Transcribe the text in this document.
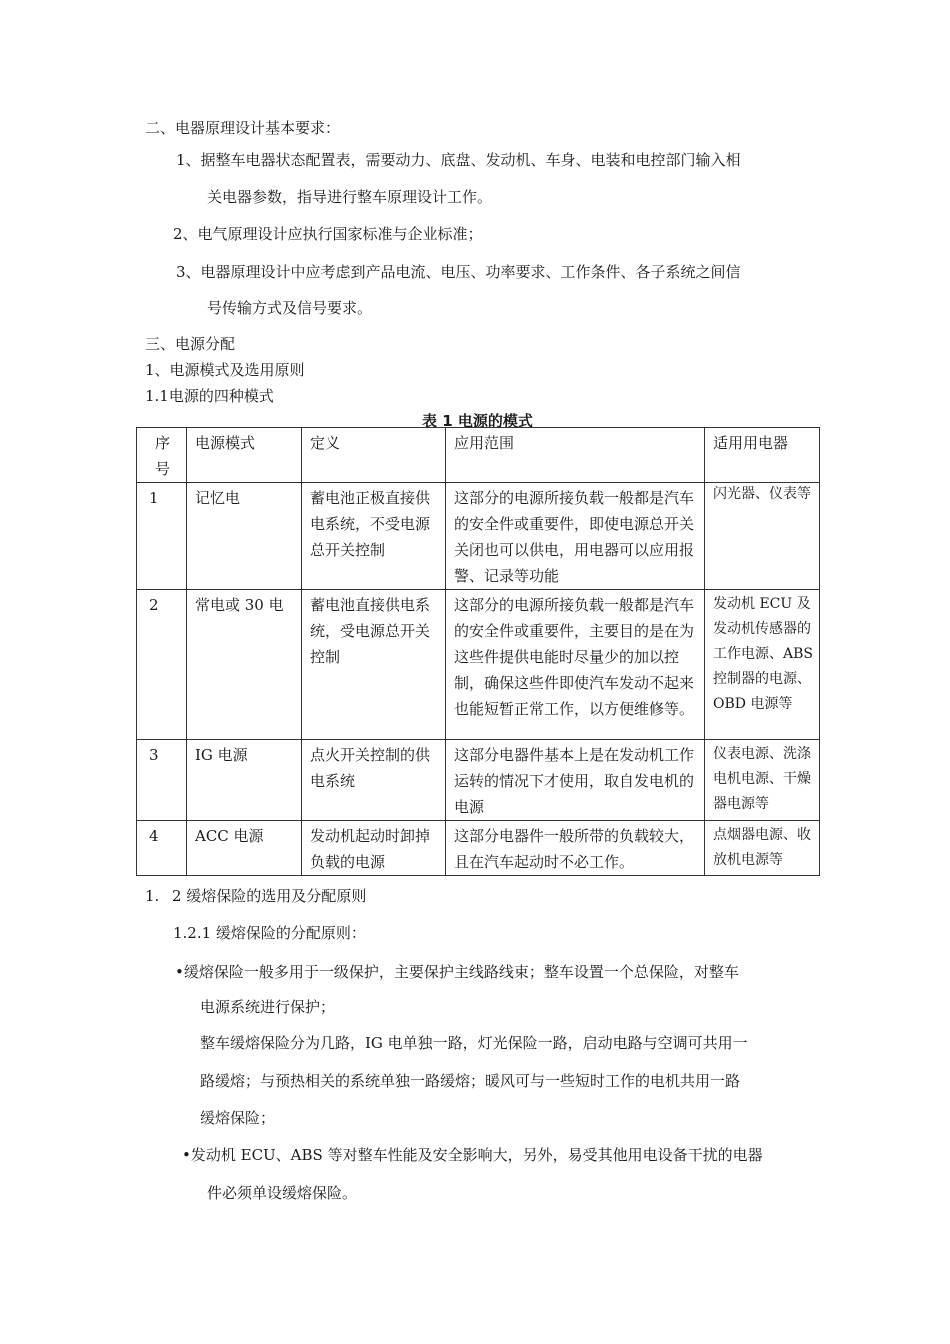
二、电器原理设计基本要求：
1、据整车电器状态配置表，需要动力、底盘、发动机、车身、电装和电控部门输入相
关电器参数，指导进行整车原理设计工作。
2、电气原理设计应执行国家标准与企业标准；
3、电器原理设计中应考虑到产品电流、电压、功率要求、工作条件、各子系统之间信
号传输方式及信号要求。
三、电源分配
1、电源模式及选用原则
1.1电源的四种模式
表 1 电源的模式
序号	电源模式	定义	应用范围	适用用电器
1	记忆电	蓄电池正极直接供电系统，不受电源总开关控制	这部分的电源所接负载一般都是汽车的安全件或重要件，即使电源总开关关闭也可以供电，用电器可以应用报警、记录等功能	闪光器、仪表等
2	常电或 30 电	蓄电池直接供电系统，受电源总开关控制	这部分的电源所接负载一般都是汽车的安全件或重要件，主要目的是在为这些件提供电能时尽量少的加以控制，确保这些件即使汽车发动不起来也能短暂正常工作，以方便维修等。	发动机 ECU 及发动机传感器的工作电源、ABS 控制器的电源、OBD 电源等
3	IG 电源	点火开关控制的供电系统	这部分电器件基本上是在发动机工作运转的情况下才使用，取自发电机的电源	仪表电源、洗涤电机电源、干燥器电源等
4	ACC 电源	发动机起动时卸掉负载的电源	这部分电器件一般所带的负载较大，且在汽车起动时不必工作。	点烟器电源、收放机电源等
1. 2 缓熔保险的选用及分配原则
1.2.1 缓熔保险的分配原则：
•缓熔保险一般多用于一级保护，主要保护主线路线束；整车设置一个总保险，对整车
电源系统进行保护；
整车缓熔保险分为几路，IG 电单独一路，灯光保险一路，启动电路与空调可共用一
路缓熔；与预热相关的系统单独一路缓熔；暖风可与一些短时工作的电机共用一路
缓熔保险；
•发动机 ECU、ABS 等对整车性能及安全影响大，另外，易受其他用电设备干扰的电器
件必须单设缓熔保险。
